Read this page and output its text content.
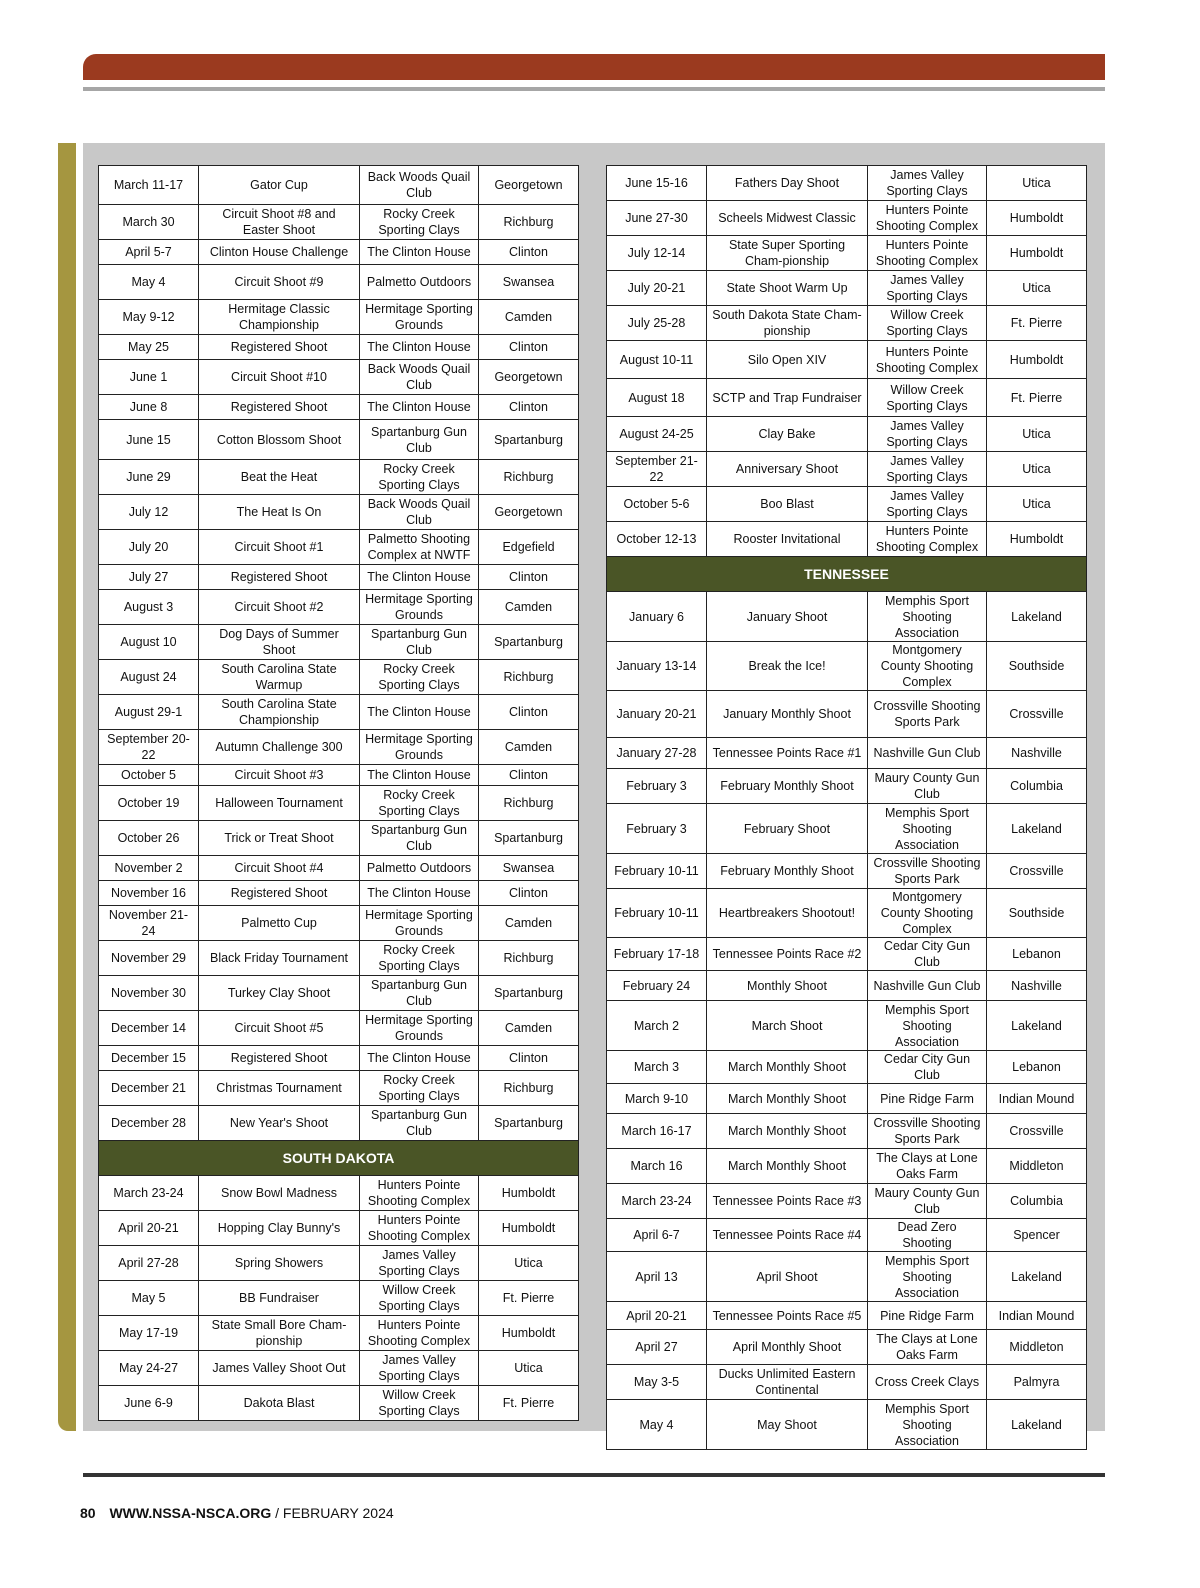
March 11-17	Gator Cup	Back Woods Quail Club	Georgetown
March 30	Circuit Shoot #8 and Easter Shoot	Rocky Creek Sporting Clays	Richburg
April 5-7	Clinton House Challenge	The Clinton House	Clinton
May 4	Circuit Shoot #9	Palmetto Outdoors	Swansea
May 9-12	Hermitage Classic Championship	Hermitage Sporting Grounds	Camden
May 25	Registered Shoot	The Clinton House	Clinton
June 1	Circuit Shoot #10	Back Woods Quail Club	Georgetown
June 8	Registered Shoot	The Clinton House	Clinton
June 15	Cotton Blossom Shoot	Spartanburg Gun Club	Spartanburg
June 29	Beat the Heat	Rocky Creek Sporting Clays	Richburg
July 12	The Heat Is On	Back Woods Quail Club	Georgetown
July 20	Circuit Shoot #1	Palmetto Shooting Complex at NWTF	Edgefield
July 27	Registered Shoot	The Clinton House	Clinton
August 3	Circuit Shoot #2	Hermitage Sporting Grounds	Camden
August 10	Dog Days of Summer Shoot	Spartanburg Gun Club	Spartanburg
August 24	South Carolina State Warmup	Rocky Creek Sporting Clays	Richburg
August 29-1	South Carolina State Championship	The Clinton House	Clinton
September 20-22	Autumn Challenge 300	Hermitage Sporting Grounds	Camden
October 5	Circuit Shoot #3	The Clinton House	Clinton
October 19	Halloween Tournament	Rocky Creek Sporting Clays	Richburg
October 26	Trick or Treat Shoot	Spartanburg Gun Club	Spartanburg
November 2	Circuit Shoot #4	Palmetto Outdoors	Swansea
November 16	Registered Shoot	The Clinton House	Clinton
November 21-24	Palmetto Cup	Hermitage Sporting Grounds	Camden
November 29	Black Friday Tournament	Rocky Creek Sporting Clays	Richburg
November 30	Turkey Clay Shoot	Spartanburg Gun Club	Spartanburg
December 14	Circuit Shoot #5	Hermitage Sporting Grounds	Camden
December 15	Registered Shoot	The Clinton House	Clinton
December 21	Christmas Tournament	Rocky Creek Sporting Clays	Richburg
December 28	New Year's Shoot	Spartanburg Gun Club	Spartanburg
SOUTH DAKOTA			
March 23-24	Snow Bowl Madness	Hunters Pointe Shooting Complex	Humboldt
April 20-21	Hopping Clay Bunny's	Hunters Pointe Shooting Complex	Humboldt
April 27-28	Spring Showers	James Valley Sporting Clays	Utica
May 5	BB Fundraiser	Willow Creek Sporting Clays	Ft. Pierre
May 17-19	State Small Bore Cham-pionship	Hunters Pointe Shooting Complex	Humboldt
May 24-27	James Valley Shoot Out	James Valley Sporting Clays	Utica
June 6-9	Dakota Blast	Willow Creek Sporting Clays	Ft. Pierre
June 15-16	Fathers Day Shoot	James Valley Sporting Clays	Utica
June 27-30	Scheels Midwest Classic	Hunters Pointe Shooting Complex	Humboldt
July 12-14	State Super Sporting Cham-pionship	Hunters Pointe Shooting Complex	Humboldt
July 20-21	State Shoot Warm Up	James Valley Sporting Clays	Utica
July 25-28	South Dakota State Cham-pionship	Willow Creek Sporting Clays	Ft. Pierre
August 10-11	Silo Open XIV	Hunters Pointe Shooting Complex	Humboldt
August 18	SCTP and Trap Fundraiser	Willow Creek Sporting Clays	Ft. Pierre
August 24-25	Clay Bake	James Valley Sporting Clays	Utica
September 21-22	Anniversary Shoot	James Valley Sporting Clays	Utica
October 5-6	Boo Blast	James Valley Sporting Clays	Utica
October 12-13	Rooster Invitational	Hunters Pointe Shooting Complex	Humboldt
TENNESSEE			
January 6	January Shoot	Memphis Sport Shooting Association	Lakeland
January 13-14	Break the Ice!	Montgomery County Shooting Complex	Southside
January 20-21	January Monthly Shoot	Crossville Shooting Sports Park	Crossville
January 27-28	Tennessee Points Race #1	Nashville Gun Club	Nashville
February 3	February Monthly Shoot	Maury County Gun Club	Columbia
February 3	February Shoot	Memphis Sport Shooting Association	Lakeland
February 10-11	February Monthly Shoot	Crossville Shooting Sports Park	Crossville
February 10-11	Heartbreakers Shootout!	Montgomery County Shooting Complex	Southside
February 17-18	Tennessee Points Race #2	Cedar City Gun Club	Lebanon
February 24	Monthly Shoot	Nashville Gun Club	Nashville
March 2	March Shoot	Memphis Sport Shooting Association	Lakeland
March 3	March Monthly Shoot	Cedar City Gun Club	Lebanon
March 9-10	March Monthly Shoot	Pine Ridge Farm	Indian Mound
March 16-17	March Monthly Shoot	Crossville Shooting Sports Park	Crossville
March 16	March Monthly Shoot	The Clays at Lone Oaks Farm	Middleton
March 23-24	Tennessee Points Race #3	Maury County Gun Club	Columbia
April 6-7	Tennessee Points Race #4	Dead Zero Shooting	Spencer
April 13	April Shoot	Memphis Sport Shooting Association	Lakeland
April 20-21	Tennessee Points Race #5	Pine Ridge Farm	Indian Mound
April 27	April Monthly Shoot	The Clays at Lone Oaks Farm	Middleton
May 3-5	Ducks Unlimited Eastern Continental	Cross Creek Clays	Palmyra
May 4	May Shoot	Memphis Sport Shooting Association	Lakeland
80 WWW.NSSA-NSCA.ORG / FEBRUARY 2024
